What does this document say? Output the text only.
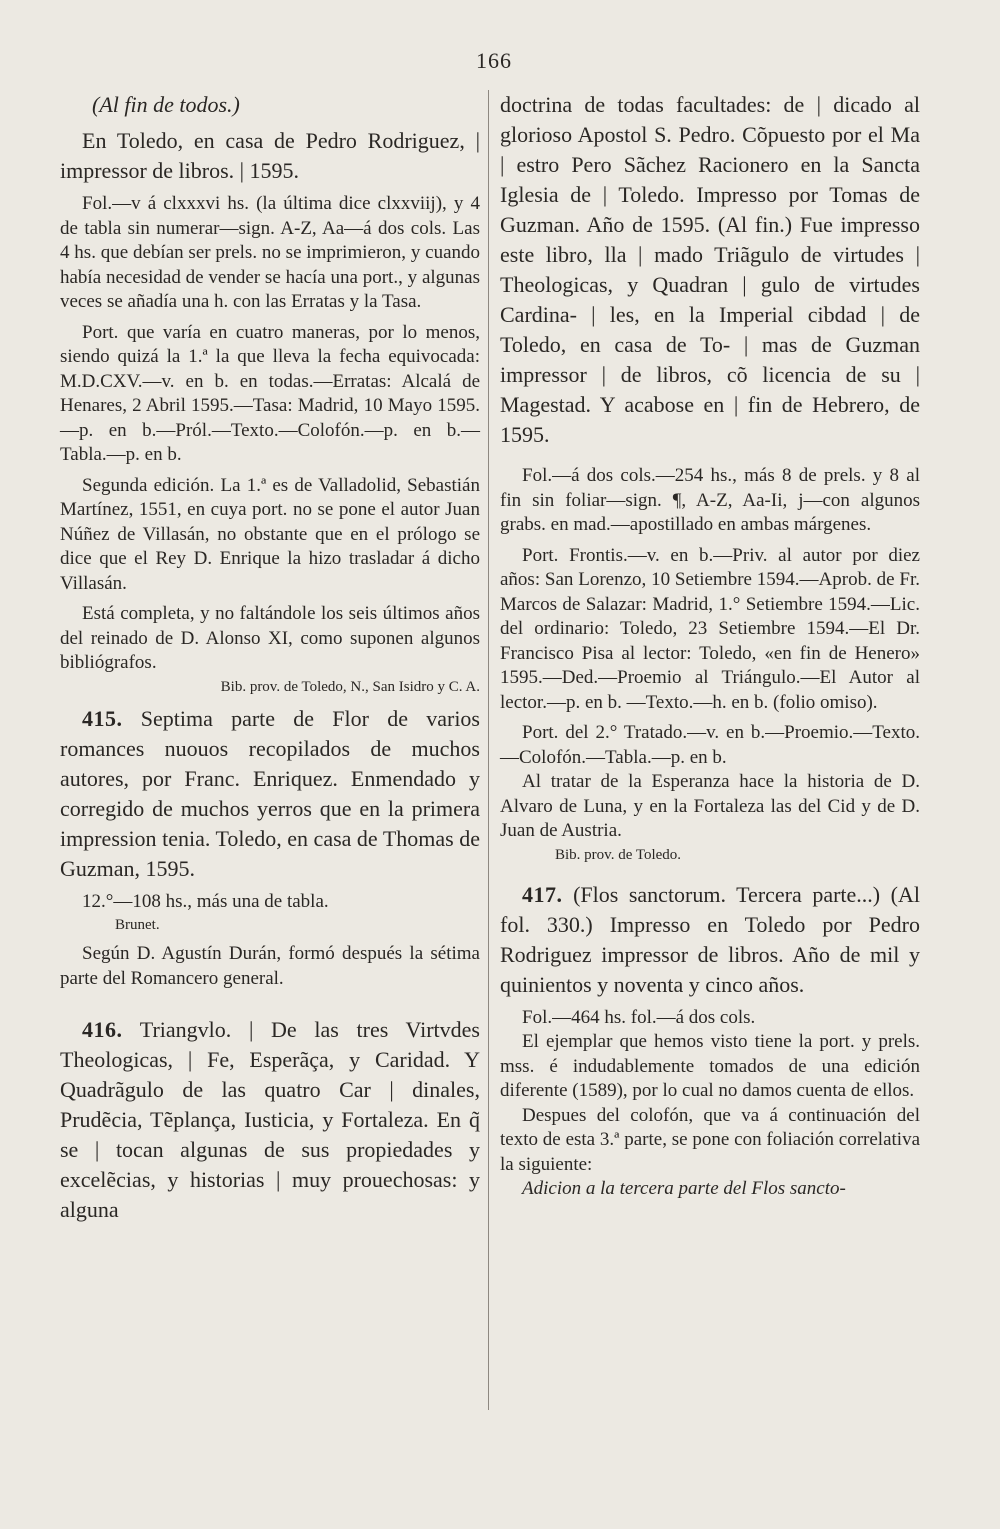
166

(Al fin de todos.)

En Toledo, en casa de Pedro Rodriguez, | impressor de libros. | 1595.

Fol.—v á clxxxvi hs. (la última dice clxxviij), y 4 de tabla sin numerar—sign. A-Z, Aa—á dos cols. Las 4 hs. que debían ser prels. no se imprimieron, y cuando había necesidad de vender se hacía una port., y algunas veces se añadía una h. con las Erratas y la Tasa.

Port. que varía en cuatro maneras, por lo menos, siendo quizá la 1.ª la que lleva la fecha equivocada: M.D.CXV.—v. en b. en todas.—Erratas: Alcalá de Henares, 2 Abril 1595.—Tasa: Madrid, 10 Mayo 1595. —p. en b.—Pról.—Texto.—Colofón.—p. en b.—Tabla.—p. en b.

Segunda edición. La 1.ª es de Valladolid, Sebastián Martínez, 1551, en cuya port. no se pone el autor Juan Núñez de Villasán, no obstante que en el prólogo se dice que el Rey D. Enrique la hizo trasladar á dicho Villasán.

Está completa, y no faltándole los seis últimos años del reinado de D. Alonso XI, como suponen algunos bibliógrafos.

Bib. prov. de Toledo, N., San Isidro y C. A.

415. Septima parte de Flor de varios romances nuouos recopilados de muchos autores, por Franc. Enriquez. Enmendado y corregido de muchos yerros que en la primera impression tenia. Toledo, en casa de Thomas de Guzman, 1595.

12.°—108 hs., más una de tabla.

Brunet.

Según D. Agustín Durán, formó después la sétima parte del Romancero general.

416. Triangvlo. | De las tres Virtvdes Theologicas, | Fe, Esperãça, y Caridad. Y Quadrãgulo de las quatro Car | dinales, Prudẽcia, Tẽplança, Iusticia, y Fortaleza. En q̃ se | tocan algunas de sus propiedades y excelẽcias, y historias | muy prouechosas: y alguna

doctrina de todas facultades: de | dicado al glorioso Apostol S. Pedro. Cõpuesto por el Ma | estro Pero Sãchez Racionero en la Sancta Iglesia de | Toledo. Impresso por Tomas de Guzman. Año de 1595. (Al fin.) Fue impresso este libro, lla | mado Triãgulo de virtudes | Theologicas, y Quadran | gulo de virtudes Cardina- | les, en la Imperial cibdad | de Toledo, en casa de To- | mas de Guzman impressor | de libros, cõ licencia de su | Magestad. Y acabose en | fin de Hebrero, de 1595.

Fol.—á dos cols.—254 hs., más 8 de prels. y 8 al fin sin foliar—sign. ¶, A-Z, Aa-Ii, j—con algunos grabs. en mad.—apostillado en ambas márgenes.

Port. Frontis.—v. en b.—Priv. al autor por diez años: San Lorenzo, 10 Setiembre 1594.—Aprob. de Fr. Marcos de Salazar: Madrid, 1.° Setiembre 1594.—Lic. del ordinario: Toledo, 23 Setiembre 1594.—El Dr. Francisco Pisa al lector: Toledo, «en fin de Henero» 1595.—Ded.—Proemio al Triángulo.—El Autor al lector.—p. en b. —Texto.—h. en b. (folio omiso).

Port. del 2.° Tratado.—v. en b.—Proemio.—Texto.—Colofón.—Tabla.—p. en b.

Al tratar de la Esperanza hace la historia de D. Alvaro de Luna, y en la Fortaleza las del Cid y de D. Juan de Austria.

Bib. prov. de Toledo.

417. (Flos sanctorum. Tercera parte...) (Al fol. 330.) Impresso en Toledo por Pedro Rodriguez impressor de libros. Año de mil y quinientos y noventa y cinco años.

Fol.—464 hs. fol.—á dos cols.

El ejemplar que hemos visto tiene la port. y prels. mss. é indudablemente tomados de una edición diferente (1589), por lo cual no damos cuenta de ellos.

Despues del colofón, que va á continuación del texto de esta 3.ª parte, se pone con foliación correlativa la siguiente:

Adicion a la tercera parte del Flos sancto-
